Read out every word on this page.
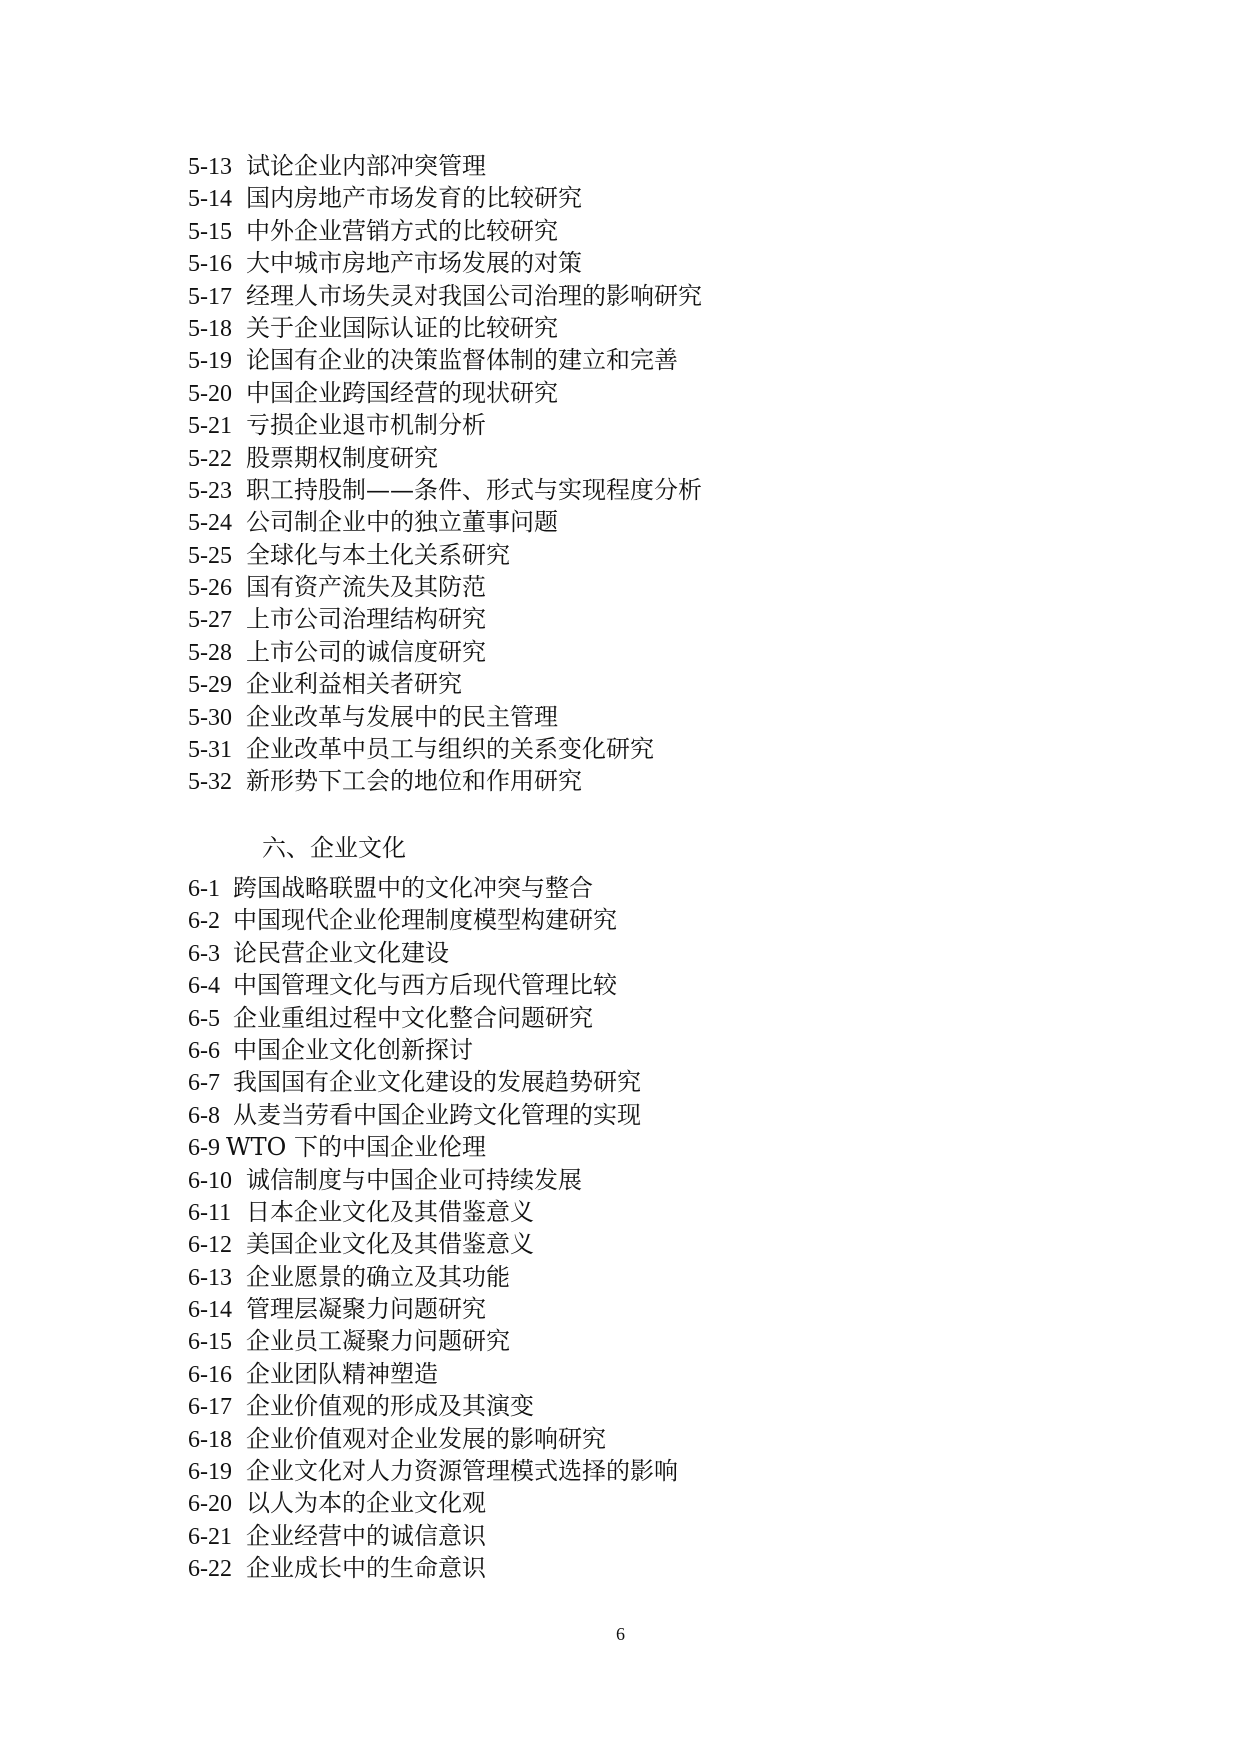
5-13 试论企业内部冲突管理
5-14 国内房地产市场发育的比较研究
5-15 中外企业营销方式的比较研究
5-16 大中城市房地产市场发展的对策
5-17 经理人市场失灵对我国公司治理的影响研究
5-18 关于企业国际认证的比较研究
5-19 论国有企业的决策监督体制的建立和完善
5-20 中国企业跨国经营的现状研究
5-21 亏损企业退市机制分析
5-22 股票期权制度研究
5-23 职工持股制——条件、形式与实现程度分析
5-24 公司制企业中的独立董事问题
5-25 全球化与本土化关系研究
5-26 国有资产流失及其防范
5-27 上市公司治理结构研究
5-28 上市公司的诚信度研究
5-29 企业利益相关者研究
5-30 企业改革与发展中的民主管理
5-31 企业改革中员工与组织的关系变化研究
5-32 新形势下工会的地位和作用研究
六、企业文化
6-1 跨国战略联盟中的文化冲突与整合
6-2 中国现代企业伦理制度模型构建研究
6-3 论民营企业文化建设
6-4 中国管理文化与西方后现代管理比较
6-5 企业重组过程中文化整合问题研究
6-6 中国企业文化创新探讨
6-7 我国国有企业文化建设的发展趋势研究
6-8 从麦当劳看中国企业跨文化管理的实现
6-9 WTO 下的中国企业伦理
6-10 诚信制度与中国企业可持续发展
6-11 日本企业文化及其借鉴意义
6-12 美国企业文化及其借鉴意义
6-13 企业愿景的确立及其功能
6-14 管理层凝聚力问题研究
6-15 企业员工凝聚力问题研究
6-16 企业团队精神塑造
6-17 企业价值观的形成及其演变
6-18 企业价值观对企业发展的影响研究
6-19 企业文化对人力资源管理模式选择的影响
6-20 以人为本的企业文化观
6-21 企业经营中的诚信意识
6-22 企业成长中的生命意识
6
